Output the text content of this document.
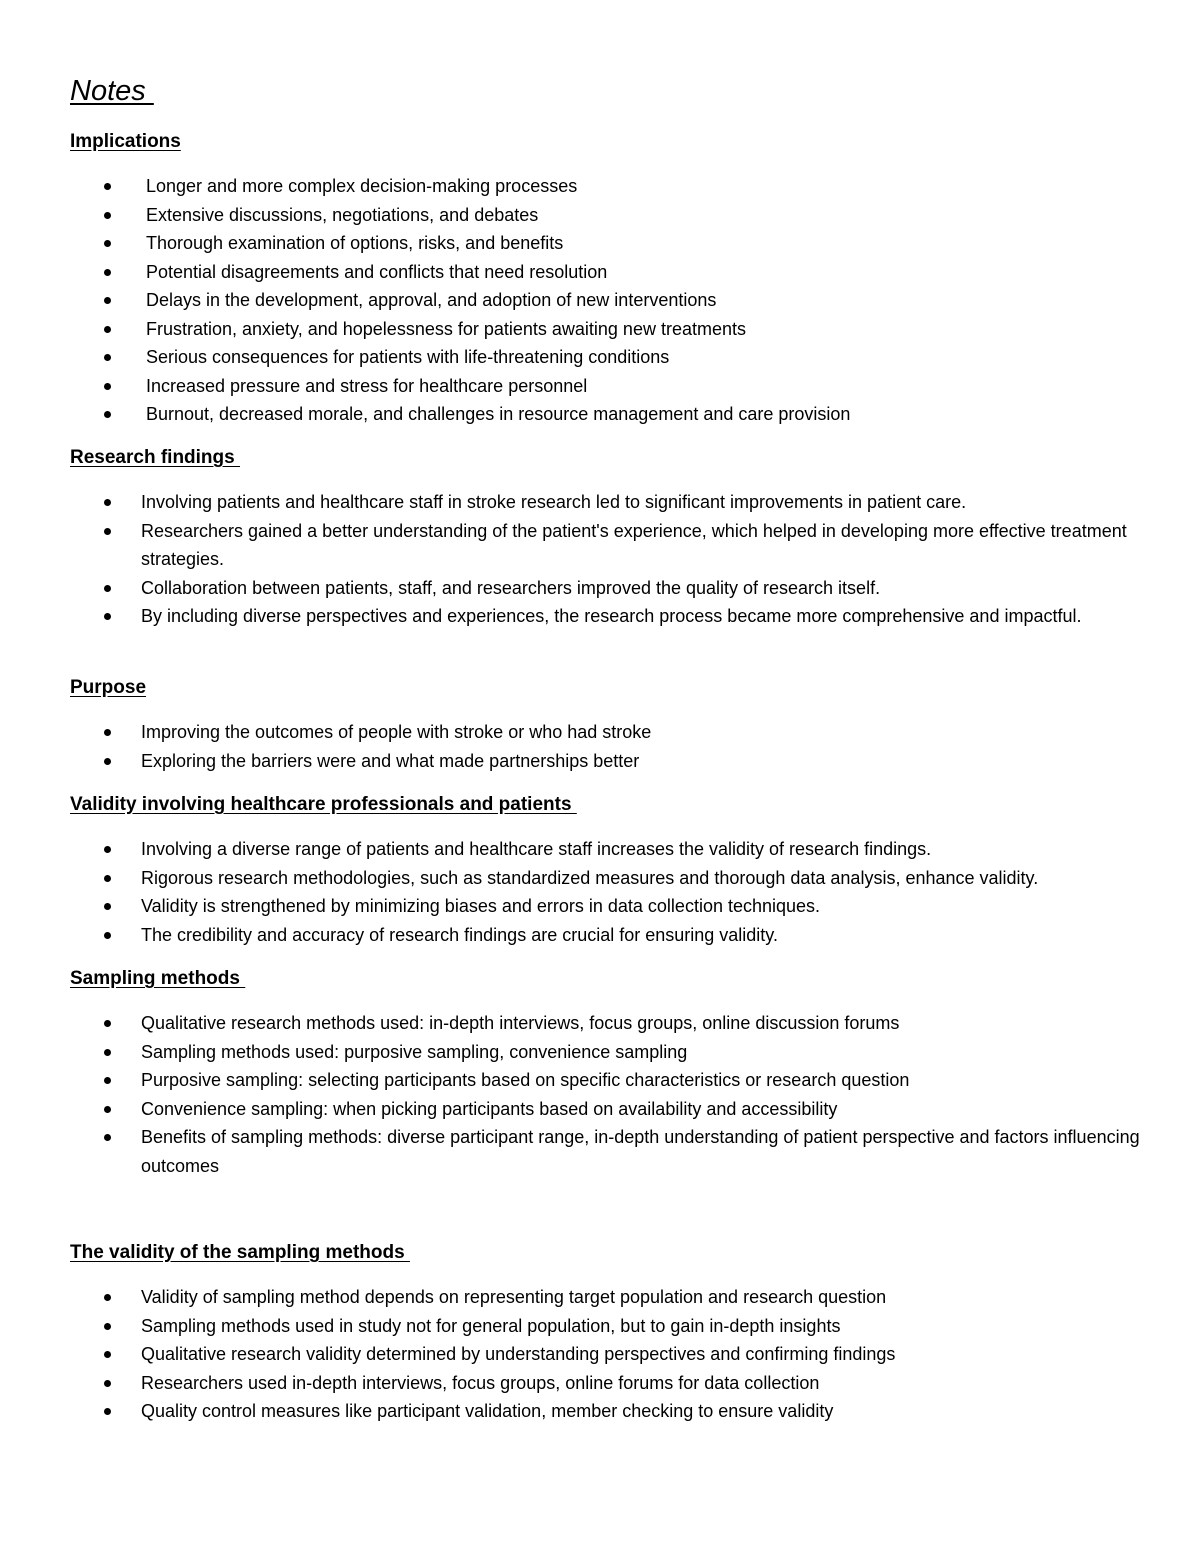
Notes
Implications
Longer and more complex decision-making processes
Extensive discussions, negotiations, and debates
Thorough examination of options, risks, and benefits
Potential disagreements and conflicts that need resolution
Delays in the development, approval, and adoption of new interventions
Frustration, anxiety, and hopelessness for patients awaiting new treatments
Serious consequences for patients with life-threatening conditions
Increased pressure and stress for healthcare personnel
Burnout, decreased morale, and challenges in resource management and care provision
Research findings
Involving patients and healthcare staff in stroke research led to significant improvements in patient care.
Researchers gained a better understanding of the patient's experience, which helped in developing more effective treatment strategies.
Collaboration between patients, staff, and researchers improved the quality of research itself.
By including diverse perspectives and experiences, the research process became more comprehensive and impactful.
Purpose
Improving the outcomes of people with stroke or who had stroke
Exploring the barriers were and what made partnerships better
Validity involving healthcare professionals and patients
Involving a diverse range of patients and healthcare staff increases the validity of research findings.
Rigorous research methodologies, such as standardized measures and thorough data analysis, enhance validity.
Validity is strengthened by minimizing biases and errors in data collection techniques.
The credibility and accuracy of research findings are crucial for ensuring validity.
Sampling methods
Qualitative research methods used: in-depth interviews, focus groups, online discussion forums
Sampling methods used: purposive sampling, convenience sampling
Purposive sampling: selecting participants based on specific characteristics or research question
Convenience sampling: when picking participants based on availability and accessibility
Benefits of sampling methods: diverse participant range, in-depth understanding of patient perspective and factors influencing outcomes
The validity of the sampling methods
Validity of sampling method depends on representing target population and research question
Sampling methods used in study not for general population, but to gain in-depth insights
Qualitative research validity determined by understanding perspectives and confirming findings
Researchers used in-depth interviews, focus groups, online forums for data collection
Quality control measures like participant validation, member checking to ensure validity
